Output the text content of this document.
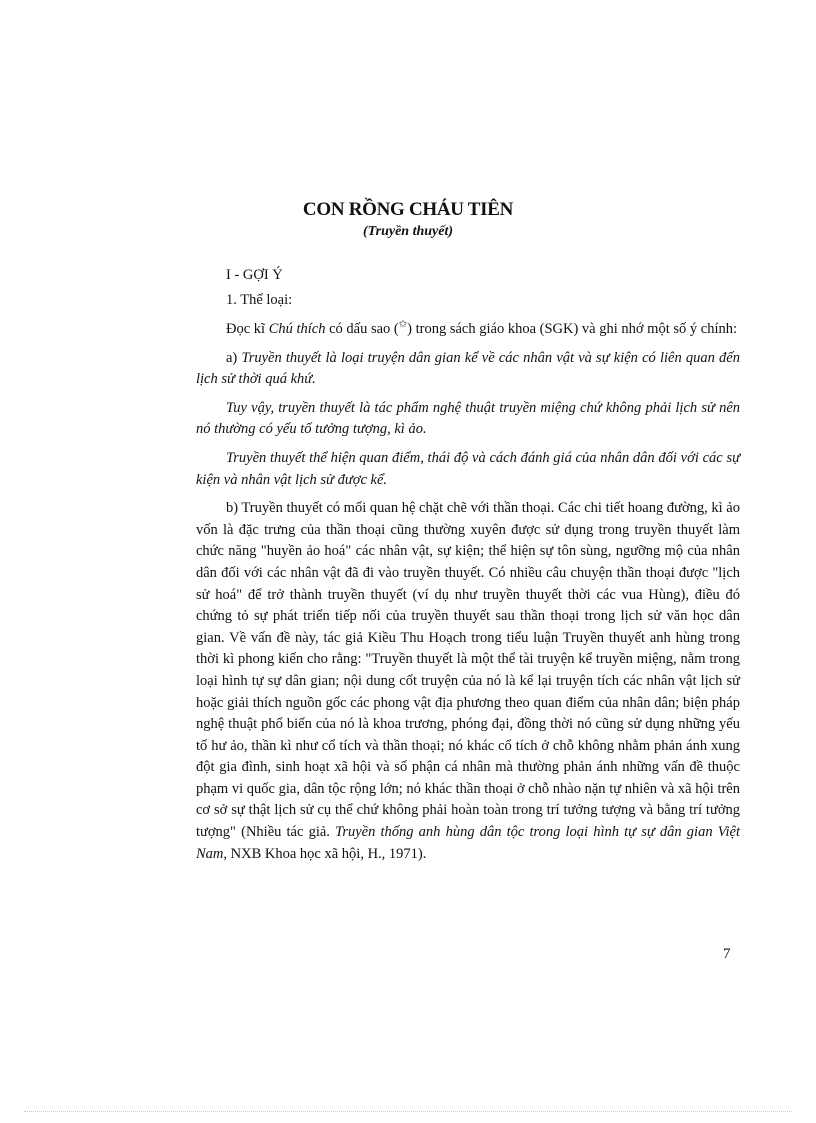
CON RỒNG CHÁU TIÊN
(Truyền thuyết)

I - GỢI Ý

1. Thể loại:

Đọc kĩ Chú thích có dấu sao (✩) trong sách giáo khoa (SGK) và ghi nhớ một số ý chính:

a) Truyền thuyết là loại truyện dân gian kể về các nhân vật và sự kiện có liên quan đến lịch sử thời quá khứ.

Tuy vậy, truyền thuyết là tác phẩm nghệ thuật truyền miệng chứ không phải lịch sử nên nó thường có yếu tố tưởng tượng, kì ảo.

Truyền thuyết thể hiện quan điểm, thái độ và cách đánh giá của nhân dân đối với các sự kiện và nhân vật lịch sử được kể.

b) Truyền thuyết có mối quan hệ chặt chẽ với thần thoại. Các chi tiết hoang đường, kì ảo vốn là đặc trưng của thần thoại cũng thường xuyên được sử dụng trong truyền thuyết làm chức năng "huyền ảo hoá" các nhân vật, sự kiện; thể hiện sự tôn sùng, ngưỡng mộ của nhân dân đối với các nhân vật đã đi vào truyền thuyết. Có nhiều câu chuyện thần thoại được "lịch sử hoá" để trở thành truyền thuyết (ví dụ như truyền thuyết thời các vua Hùng), điều đó chứng tỏ sự phát triển tiếp nối của truyền thuyết sau thần thoại trong lịch sử văn học dân gian. Về vấn đề này, tác giả Kiều Thu Hoạch trong tiểu luận Truyền thuyết anh hùng trong thời kì phong kiến cho rằng: "Truyền thuyết là một thể tài truyện kể truyền miệng, nằm trong loại hình tự sự dân gian; nội dung cốt truyện của nó là kể lại truyện tích các nhân vật lịch sử hoặc giải thích nguồn gốc các phong vật địa phương theo quan điểm của nhân dân; biện pháp nghệ thuật phổ biến của nó là khoa trương, phóng đại, đồng thời nó cũng sử dụng những yếu tố hư ảo, thần kì như cổ tích và thần thoại; nó khác cổ tích ở chỗ không nhằm phản ánh xung đột gia đình, sinh hoạt xã hội và số phận cá nhân mà thường phản ánh những vấn đề thuộc phạm vi quốc gia, dân tộc rộng lớn; nó khác thần thoại ở chỗ nhào nặn tự nhiên và xã hội trên cơ sở sự thật lịch sử cụ thể chứ không phải hoàn toàn trong trí tưởng tượng và bằng trí tưởng tượng" (Nhiều tác giả. Truyền thống anh hùng dân tộc trong loại hình tự sự dân gian Việt Nam, NXB Khoa học xã hội, H., 1971).

7
